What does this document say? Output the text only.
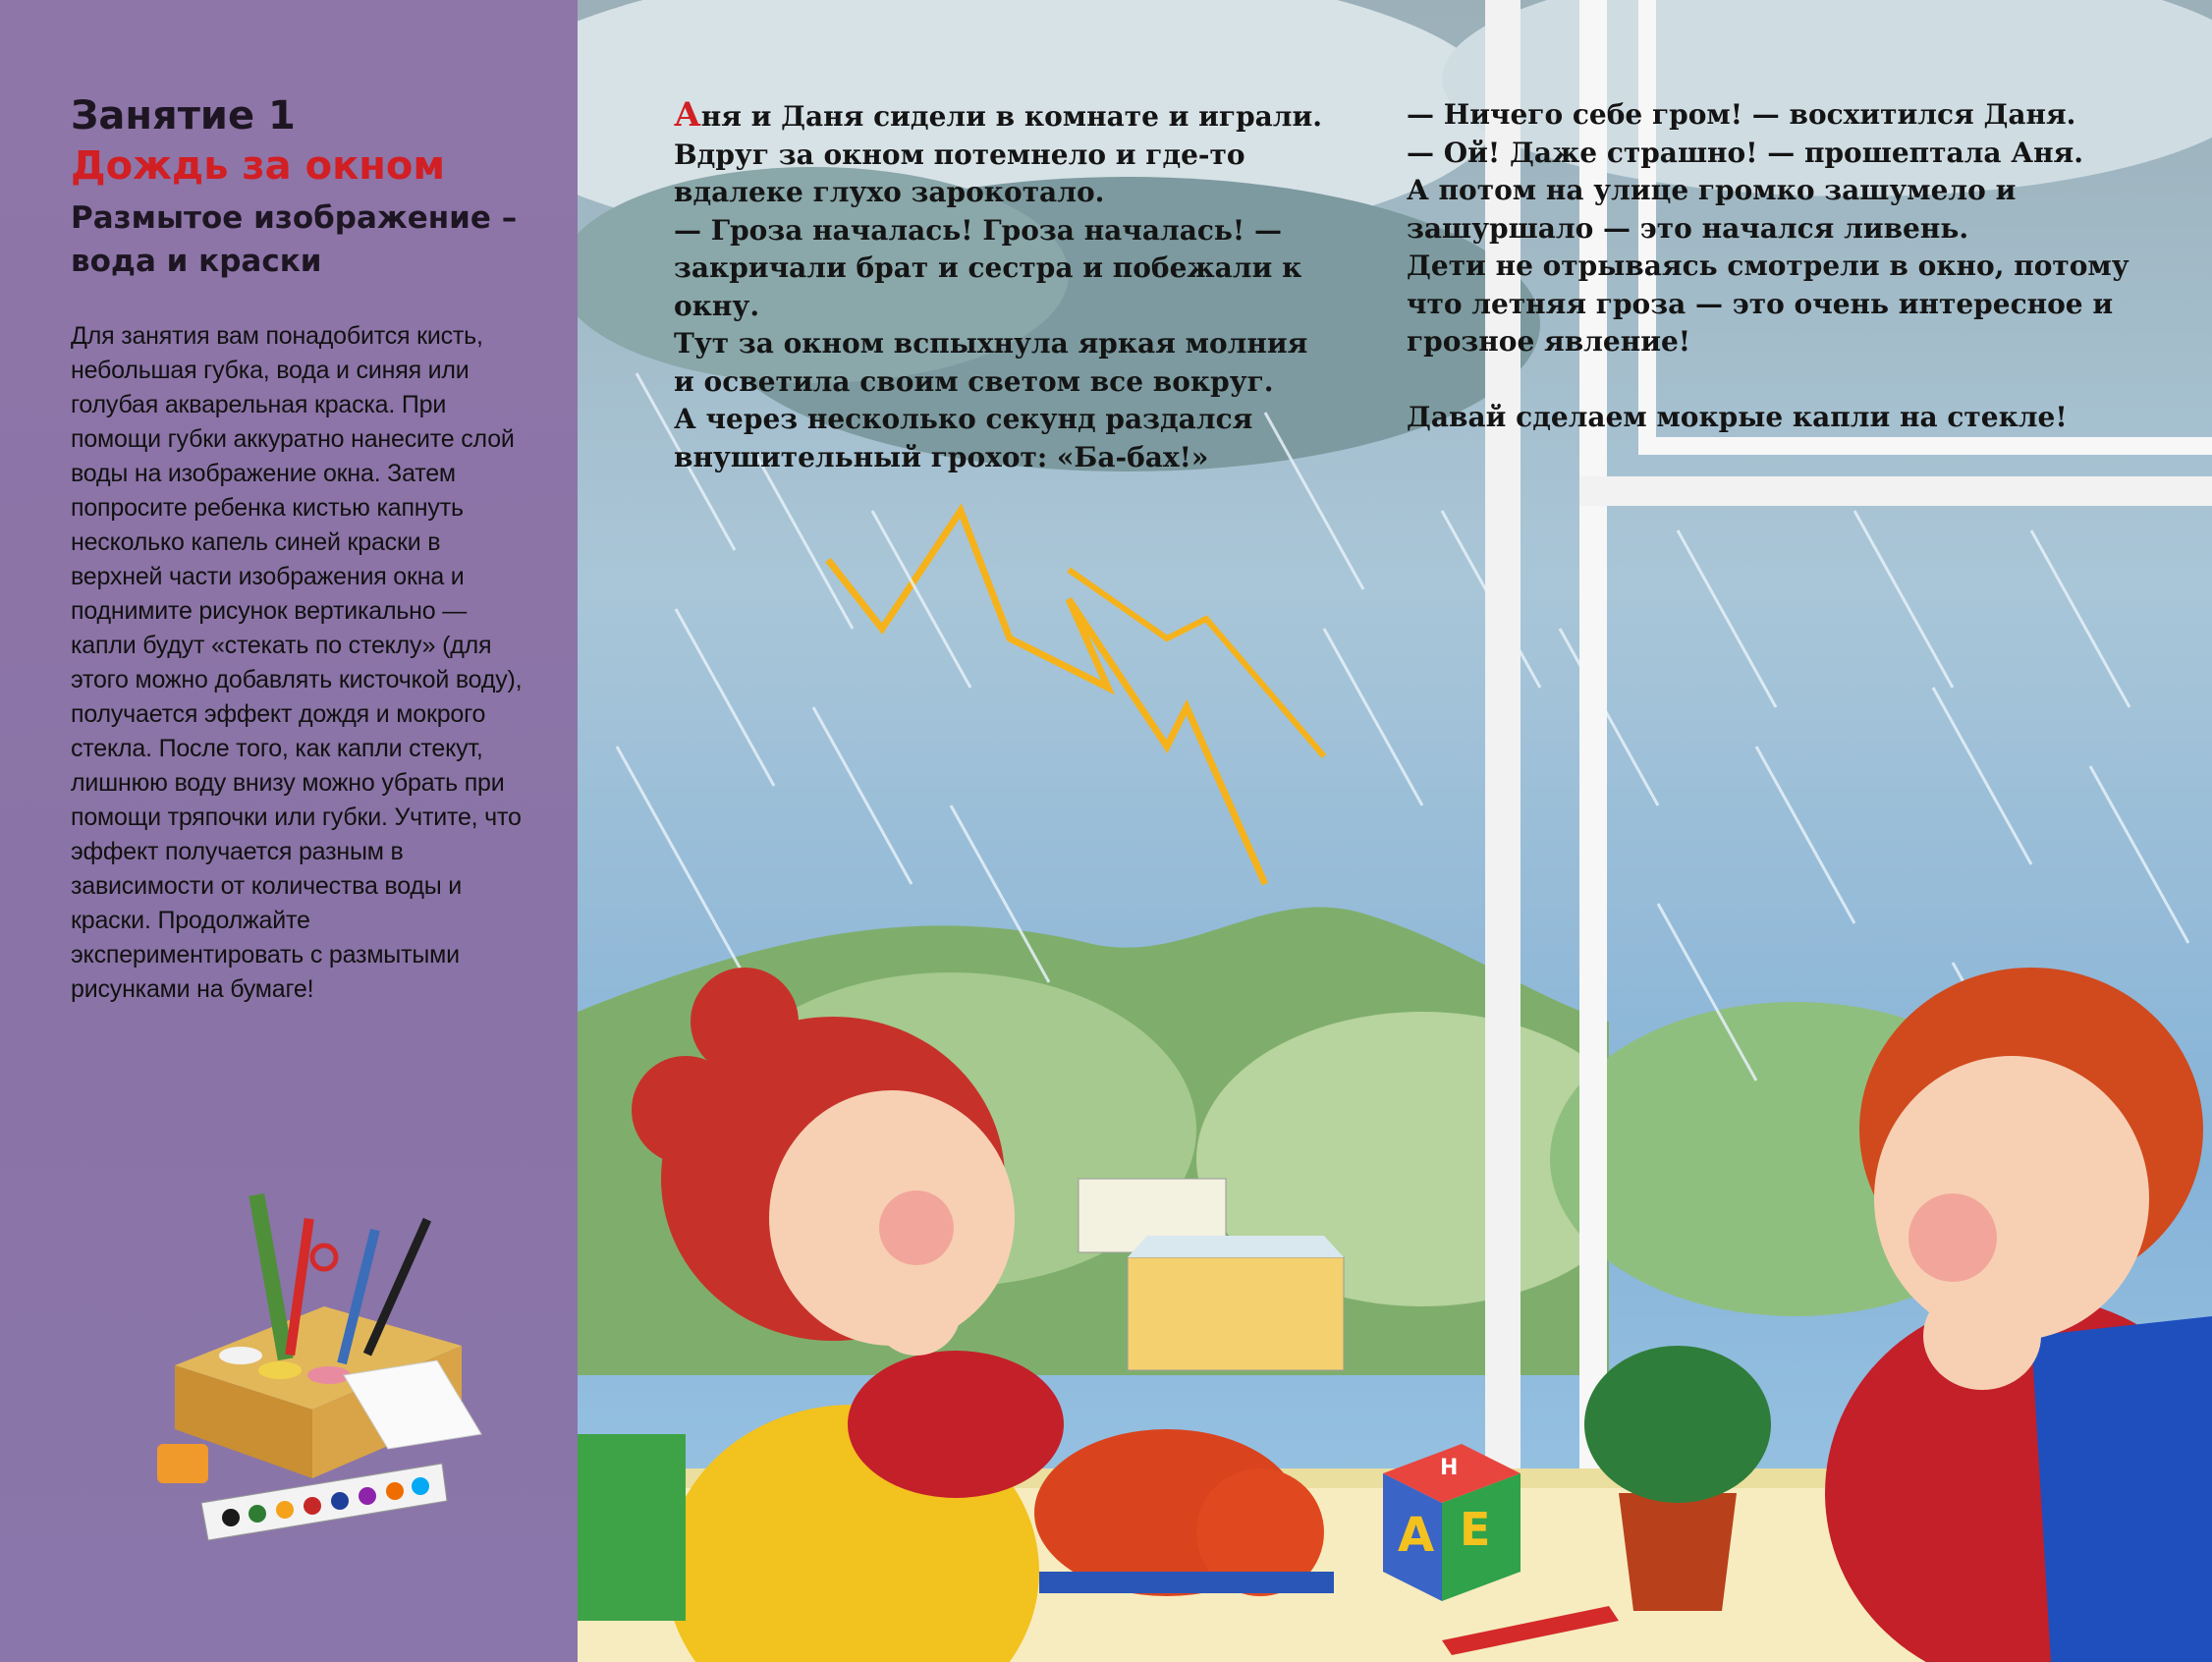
Занятие 1
Дождь за окном
Размытое изображение – вода и краски
Для занятия вам понадобится кисть, небольшая губка, вода и синяя или голубая акварельная краска. При помощи губки аккуратно нанесите слой воды на изображение окна. Затем попросите ребенка кистью капнуть несколько капель синей краски в верхней части изображения окна и поднимите рисунок вертикально — капли будут «стекать по стеклу» (для этого можно добавлять кисточкой воду), получается эффект дождя и мокрого стекла. После того, как капли стекут, лишнюю воду внизу можно убрать при помощи тряпочки или губки. Учтите, что эффект получается разным в зависимости от количества воды и краски. Продолжайте экспериментировать с размытыми рисунками на бумаге!

Аня и Даня сидели в комнате и играли.

Вдруг за окном потемнело и где-то вдалеке глухо зарокотало.

— Гроза началась! Гроза началась! — закричали брат и сестра и побежали к окну.

Тут за окном вспыхнула яркая молния и осветила своим светом все вокруг.

А через несколько секунд раздался внушительный грохот: «Ба-бах!»

— Ничего себе гром! — восхитился Даня.

— Ой! Даже страшно! — прошептала Аня.

А потом на улице громко зашумело и зашуршало — это начался ливень.

Дети не отрываясь смотрели в окно, потому что летняя гроза — это очень интересное и грозное явление!

Давай сделаем мокрые капли на стекле!

А Е
Н
